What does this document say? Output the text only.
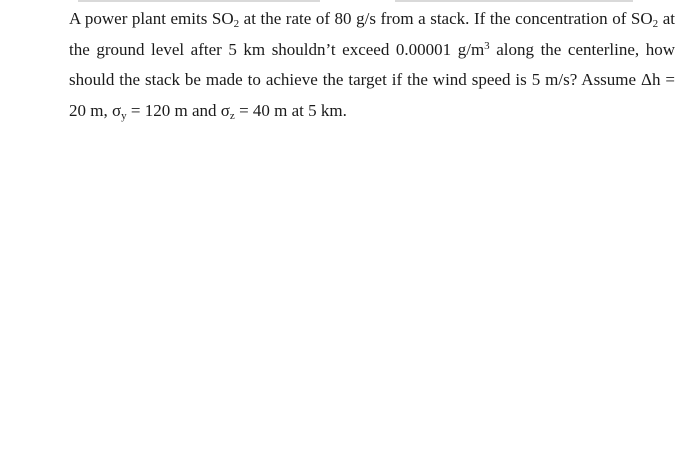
A power plant emits $SO_2$ at the rate of 80 g/s from a stack. If the concentration of $SO_2$ at
the ground level after 5 km shouldn’t exceed 0.00001 $g/m^3$ along the centerline, how
should the stack be made to achieve the target if the wind speed is 5 m/s? Assume Δh =
20 m, $\sigma_y = 120$ m and $\sigma_z = 40$ m at 5 km.
